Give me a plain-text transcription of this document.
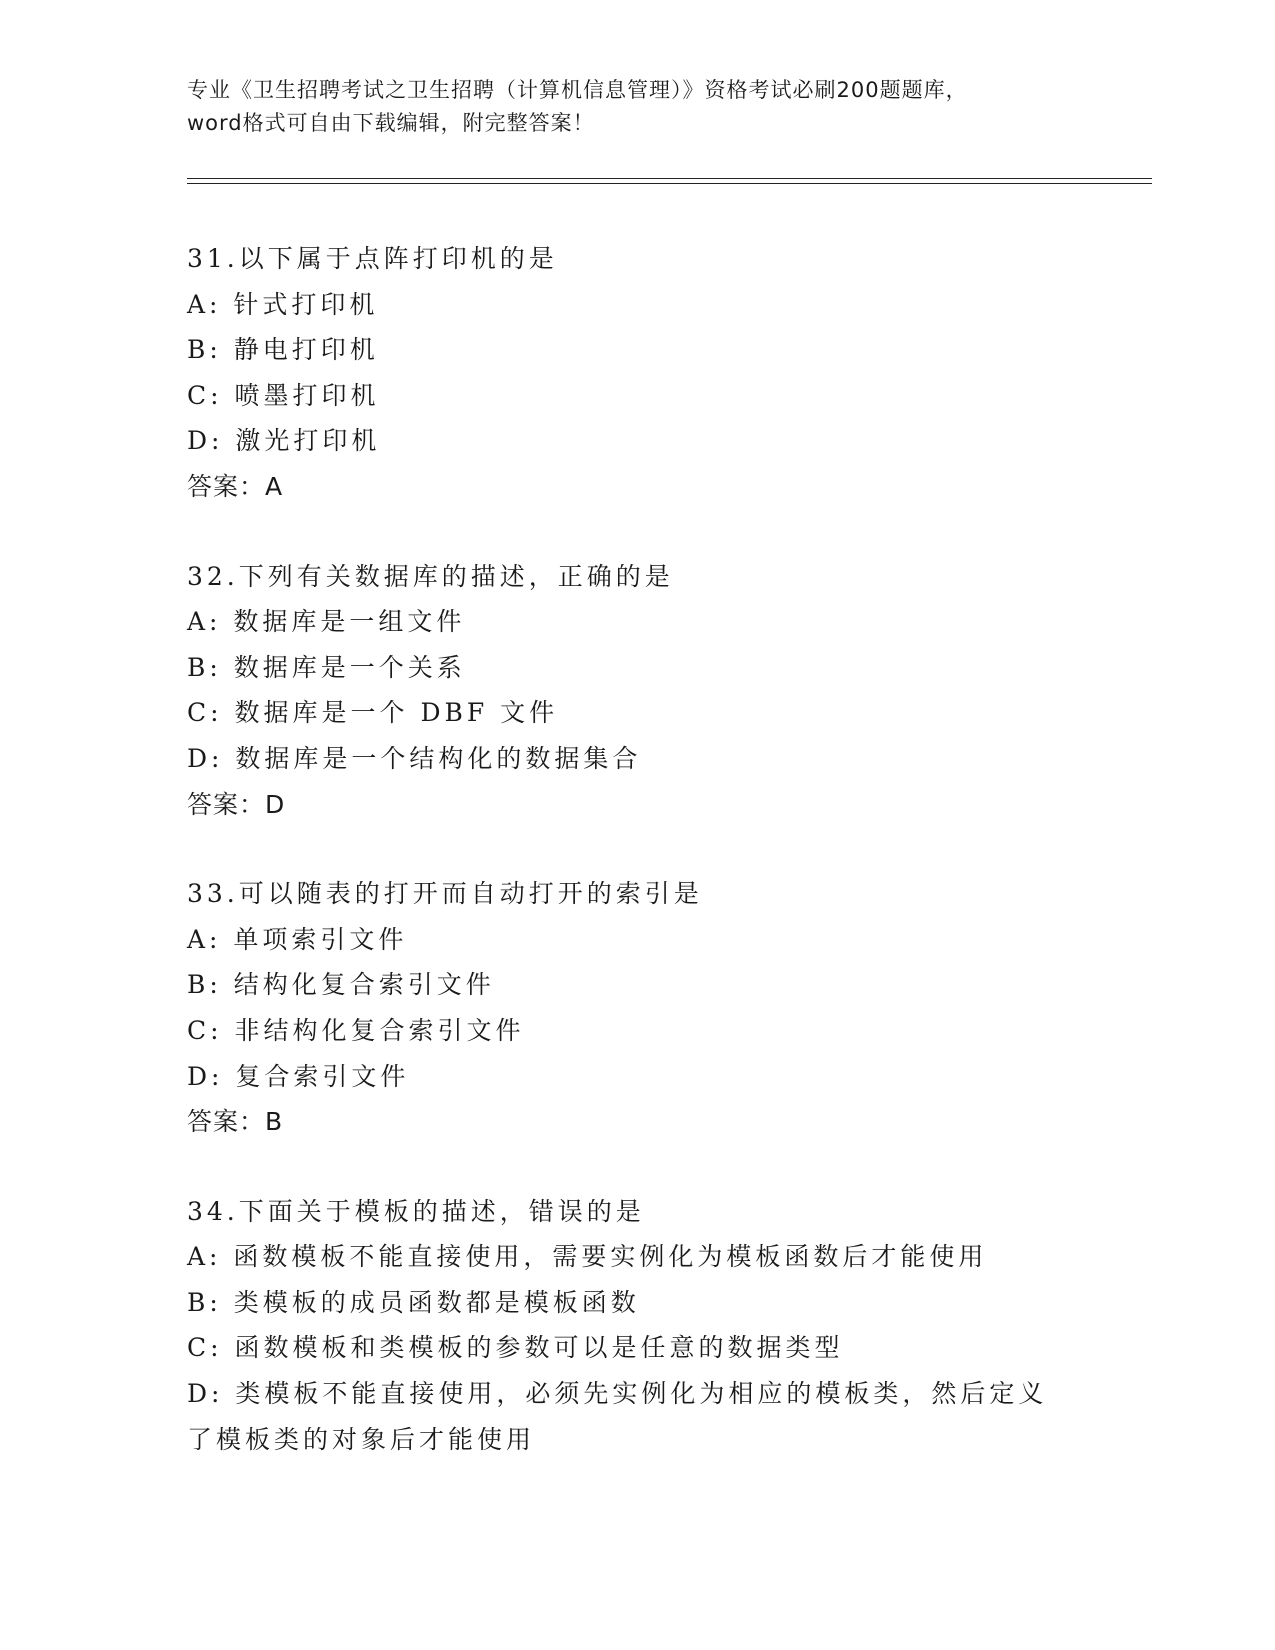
专业《卫生招聘考试之卫生招聘（计算机信息管理）》资格考试必刷200题题库，
word格式可自由下载编辑，附完整答案！
31.以下属于点阵打印机的是
A: 针式打印机
B: 静电打印机
C: 喷墨打印机
D: 激光打印机
答案：A
32.下列有关数据库的描述，正确的是
A: 数据库是一组文件
B: 数据库是一个关系
C: 数据库是一个 DBF 文件
D: 数据库是一个结构化的数据集合
答案：D
33.可以随表的打开而自动打开的索引是
A: 单项索引文件
B: 结构化复合索引文件
C: 非结构化复合索引文件
D: 复合索引文件
答案：B
34.下面关于模板的描述，错误的是
A: 函数模板不能直接使用，需要实例化为模板函数后才能使用
B: 类模板的成员函数都是模板函数
C: 函数模板和类模板的参数可以是任意的数据类型
D: 类模板不能直接使用，必须先实例化为相应的模板类，然后定义了模板类的对象后才能使用
